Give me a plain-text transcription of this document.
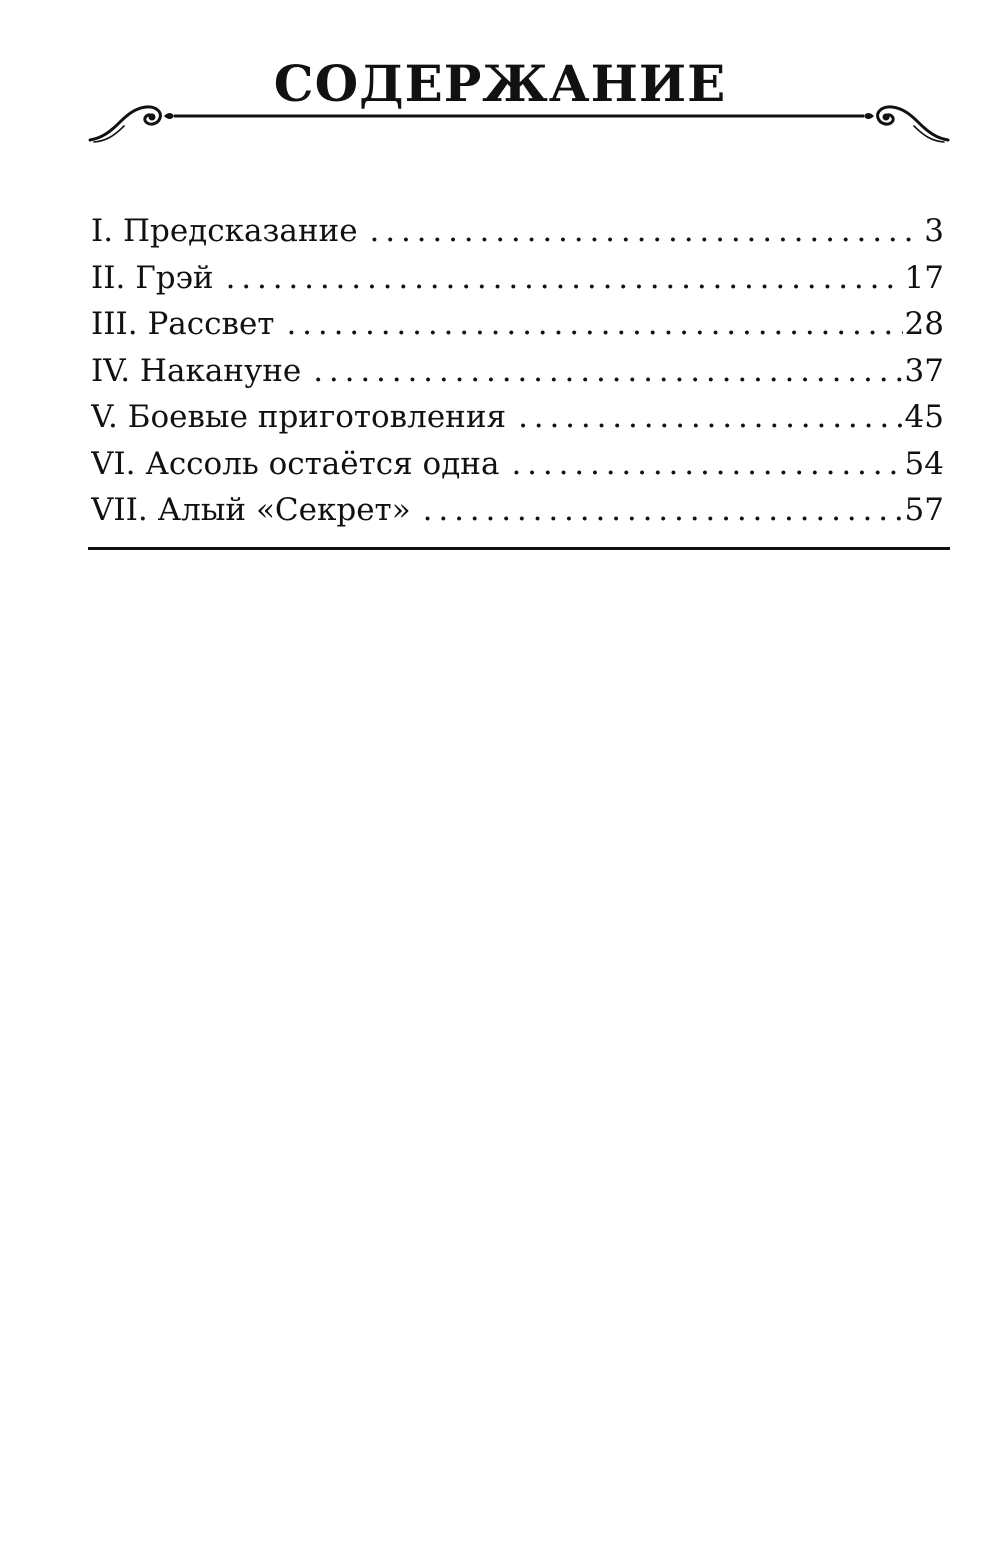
СОДЕРЖАНИЕ
I. Предсказание . . .	3
II. Грэй . . .	17
III. Рассвет . . .	28
IV. Накануне . . .	37
V. Боевые приготовления . . .	45
VI. Ассоль остаётся одна . . .	54
VII. Алый «Секрет» . . .	57
